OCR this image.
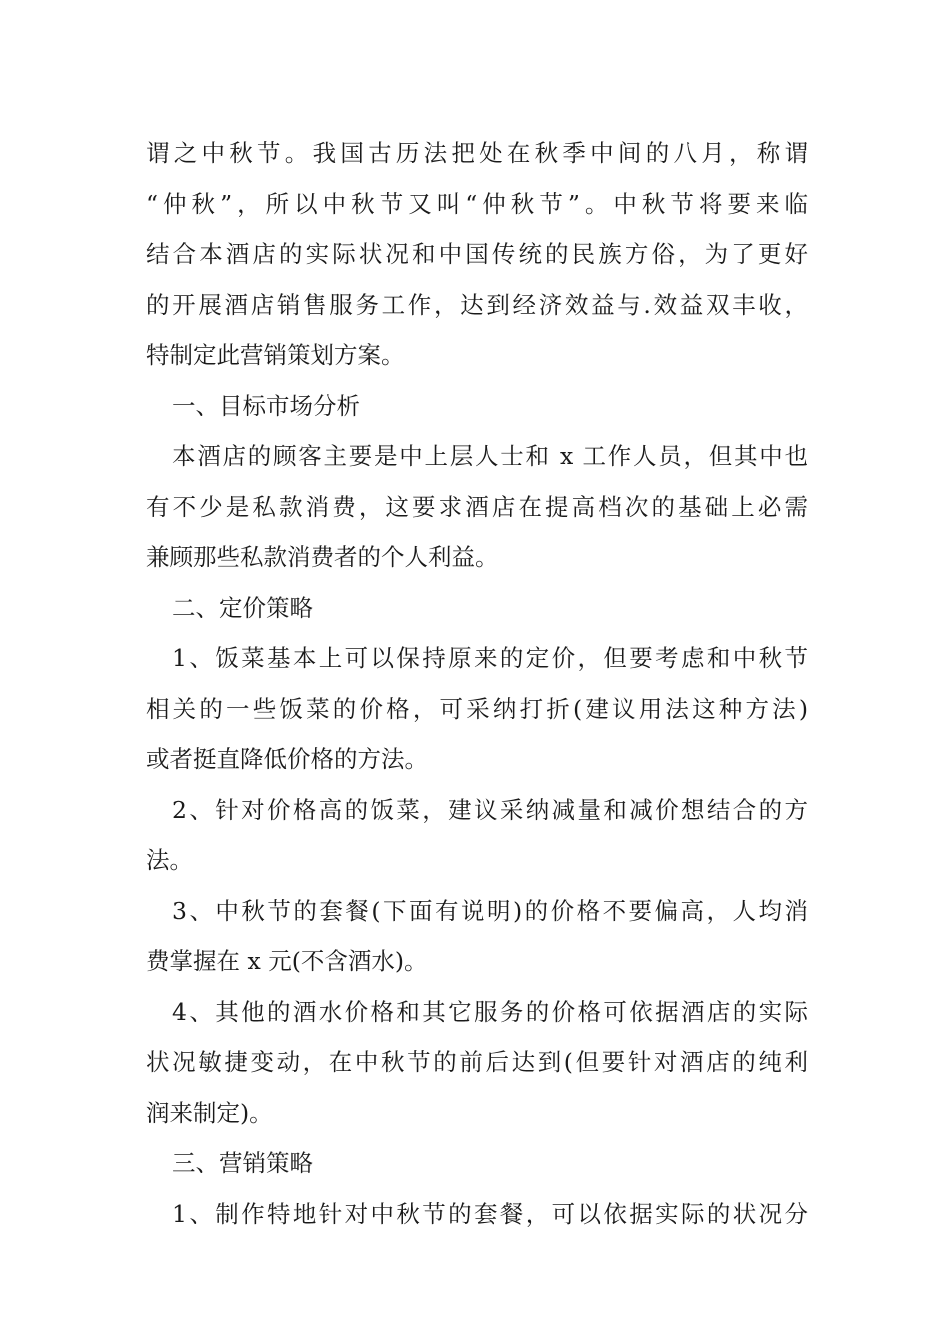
谓之中秋节。我国古历法把处在秋季中间的八月，称谓
“仲秋”，所以中秋节又叫“仲秋节”。中秋节将要来临
结合本酒店的实际状况和中国传统的民族方俗，为了更好
的开展酒店销售服务工作，达到经济效益与.效益双丰收，
特制定此营销策划方案。
一、目标市场分析
本酒店的顾客主要是中上层人士和 x 工作人员，但其中也
有不少是私款消费，这要求酒店在提高档次的基础上必需
兼顾那些私款消费者的个人利益。
二、定价策略
1、饭菜基本上可以保持原来的定价，但要考虑和中秋节
相关的一些饭菜的价格，可采纳打折(建议用法这种方法)
或者挺直降低价格的方法。
2、针对价格高的饭菜，建议采纳减量和减价想结合的方
法。
3、中秋节的套餐(下面有说明)的价格不要偏高，人均消
费掌握在 x 元(不含酒水)。
4、其他的酒水价格和其它服务的价格可依据酒店的实际
状况敏捷变动，在中秋节的前后达到(但要针对酒店的纯利
润来制定)。
三、营销策略
1、制作特地针对中秋节的套餐，可以依据实际的状况分
